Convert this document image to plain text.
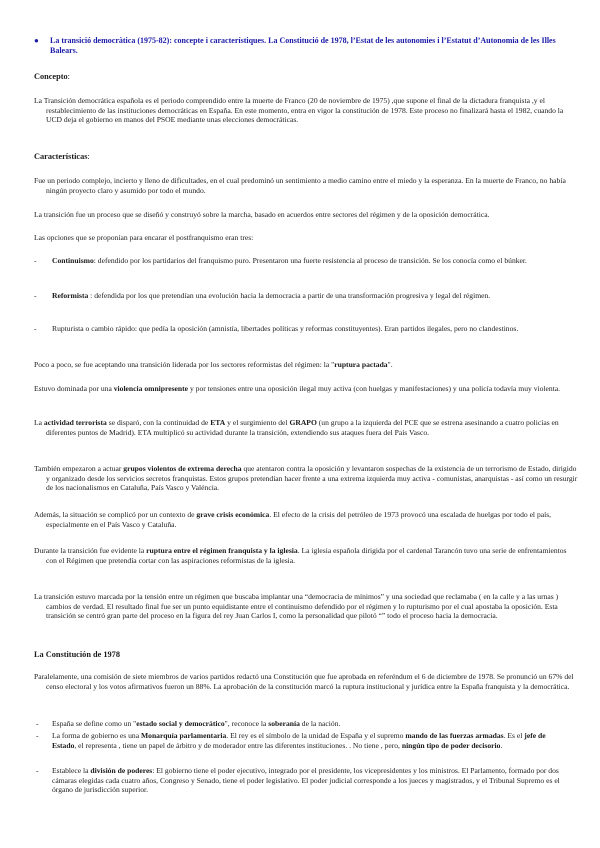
●	La transició democràtica (1975-82): concepte i característiques. La Constitució de 1978, l’Estat de les autonomies i l’Estatut d’Autonomia de les Illes Balears.
Concepto:
La Transición democrática española es el periodo comprendido entre la muerte de Franco (20 de noviembre de 1975) ,que supone el final de la dictadura franquista ,y el restablecimiento de las instituciones democráticas en España. En este momento, entra en vigor la constitución de 1978. Este proceso no finalizará hasta el 1982, cuando la UCD deja el gobierno en manos del PSOE mediante unas elecciones democráticas.
Características:
Fue un periodo complejo, incierto y lleno de dificultades, en el cual predominó un sentimiento a medio camino entre el miedo y la esperanza. En la muerte de Franco, no había ningún proyecto claro y asumido por todo el mundo.
La transición fue un proceso que se diseñó y construyó sobre la marcha, basado en acuerdos entre sectores del régimen y de la oposición democrática.
Las opciones que se proponían para encarar el postfranquismo eran tres:
-	Continuismo: defendido por los partidarios del franquismo puro. Presentaron una fuerte resistencia al proceso de transición. Se los conocía como el búnker.
-	Reformista : defendida por los que pretendían una evolución hacia la democracia a partir de una transformación progresiva y legal del régimen.
-	Rupturista o cambio rápido: que pedía la oposición (amnistía, libertades políticas y reformas constituyentes). Eran partidos ilegales, pero no clandestinos.
Poco a poco, se fue aceptando una transición liderada por los sectores reformistas del régimen: la "ruptura pactada".
Estuvo dominada por una violencia omnipresente y por tensiones entre una oposición ilegal muy activa (con huelgas y manifestaciones) y una policía todavía muy violenta.
La actividad terrorista se disparó, con la continuidad de ETA y el surgimiento del GRAPO (un grupo a la izquierda del PCE que se estrena asesinando a cuatro policías en diferentes puntos de Madrid). ETA multiplicó su actividad durante la transición, extendiendo sus ataques fuera del País Vasco.
También empezaron a actuar grupos violentos de extrema derecha que atentaron contra la oposición y levantaron sospechas de la existencia de un terrorismo de Estado, dirigido y organizado desde los servicios secretos franquistas. Estos grupos pretendían hacer frente a una extrema izquierda muy activa - comunistas, anarquistas - así como un resurgir de los nacionalismos en Cataluña, País Vasco y Valéncia.
Además, la situación se complicó por un contexto de grave crisis económica. El efecto de la crisis del petróleo de 1973 provocó una escalada de huelgas por todo el país, especialmente en el País Vasco y Cataluña.
Durante la transición fue evidente la ruptura entre el régimen franquista y la iglesia. La iglesia española dirigida por el cardenal Tarancón tuvo una serie de enfrentamientos con el Régimen que pretendía cortar con las aspiraciones reformistas de la iglesia.
La transición estuvo marcada por la tensión entre un régimen que buscaba implantar una “democracia de mínimos” y una sociedad que reclamaba ( en la calle y a las urnas ) cambios de verdad. El resultado final fue ser un punto equidistante entre el continuismo defendido por el régimen y lo rupturismo por el cual apostaba la oposición. Esta transición se centró gran parte del proceso en la figura del rey Juan Carlos I, como la personalidad que pilotó “” todo el proceso hacia la democracia.
La Constitución de 1978
Paralelamente, una comisión de siete miembros de varios partidos redactó una Constitución que fue aprobada en referéndum el 6 de diciembre de 1978. Se pronunció un 67% del censo electoral y los votos afirmativos fueron un 88%. La aprobación de la constitución marcó la ruptura institucional y jurídica entre la España franquista y la democrática.
-	España se define como un "estado social y democrático", reconoce la soberanía de la nación.
-	La forma de gobierno es una Monarquía parlamentaria. El rey es el símbolo de la unidad de España y el supremo mando de las fuerzas armadas. Es el jefe de Estado, el representa , tiene un papel de árbitro y de moderador entre las diferentes instituciones. . No tiene , pero, ningún tipo de poder decisorio.
-	Establece la división de poderes: El gobierno tiene el poder ejecutivo, integrado por el presidente, los vicepresidentes y los ministros. El Parlamento, formado por dos cámaras elegidas cada cuatro años, Congreso y Senado, tiene el poder legislativo. El poder judicial corresponde a los jueces y magistrados, y el Tribunal Supremo es el órgano de jurisdicción superior.
